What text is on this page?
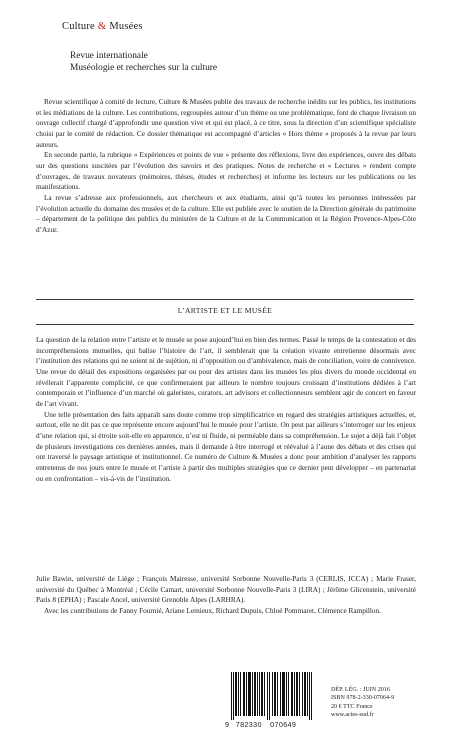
Culture & Musées
Revue internationale
Muséologie et recherches sur la culture

Revue scientifique à comité de lecture, Culture & Musées publie des travaux de recherche inédits sur les publics, les institutions et les médiations de la culture. Les contributions, regroupées autour d’un thème ou une problématique, font de chaque livraison un ouvrage collectif chargé d’approfondir une question vive et qui est placé, à ce titre, sous la direction d’un scientifique spécialiste choisi par le comité de rédaction. Ce dossier thématique est accompagné d’articles « Hors thème » proposés à la revue par leurs auteurs.

En seconde partie, la rubrique « Expériences et points de vue » présente des réflexions, livre des expériences, ouvre des débats sur des questions suscitées par l’évolution des savoirs et des pratiques. Notes de recherche et « Lectures » rendent compte d’ouvrages, de travaux novateurs (mémoires, thèses, études et recherches) et informe les lecteurs sur les publications ou les manifestations.

La revue s’adresse aux professionnels, aux chercheurs et aux étudiants, ainsi qu’à toutes les personnes intéressées par l’évolution actuelle du domaine des musées et de la culture. Elle est publiée avec le soutien de la Direction générale du patrimoine – département de la politique des publics du ministère de la Culture et de la Communication et la Région Provence-Alpes-Côte d’Azur.

L’ARTISTE ET LE MUSÉE

La question de la relation entre l’artiste et le musée se pose aujourd’hui en bien des termes. Passé le temps de la contestation et des incompréhensions mutuelles, qui balise l’histoire de l’art, il semblerait que la création vivante entretienne désormais avec l’institution des relations qui ne soient ni de sujétion, ni d’opposition ou d’ambivalence, mais de conciliation, voire de connivence. Une revue de détail des expositions organisées par ou pour des artistes dans les musées les plus divers du monde occidental en révélerait l’apparente complicité, ce que confirmeraient par ailleurs le nombre toujours croissant d’institutions dédiées à l’art contemporain et l’influence d’un marché où galeristes, curators, art advisors et collectionneurs semblent agir de concert en faveur de l’art vivant.

Une telle présentation des faits apparaît sans doute comme trop simplificatrice en regard des stratégies artistiques actuelles, et, surtout, elle ne dit pas ce que représente encore aujourd’hui le musée pour l’artiste. On peut par ailleurs s’interroger sur les enjeux d’une relation qui, si étroite soit-elle en apparence, n’est ni fluide, ni perméable dans sa compréhension. Le sujet a déjà fait l’objet de plusieurs investigations ces dernières années, mais il demande à être interrogé et réévalué à l’aune des débats et des crises qui ont traversé le paysage artistique et institutionnel. Ce numéro de Culture & Musées a donc pour ambition d’analyser les rapports entretenus de nos jours entre le musée et l’artiste à partir des multiples stratégies que ce dernier peut développer – en partenariat ou en confrontation – vis-à-vis de l’institution.

Julie Bawin, université de Liège ; François Mairesse, université Sorbonne Nouvelle-Paris 3 (CERLIS, ICCA) ; Marie Fraser, université du Québec à Montréal ; Cécile Camart, université Sorbonne Nouvelle-Paris 3 (LIRA) ; Jérôme Glicenstein, université Paris 8 (EPHA) ; Pascale Ancel, université Grenoble Alpes (LARHRA).

Avec les contributions de Fanny Fournié, Ariane Lemieux, Richard Dupuis, Chloé Pommaret, Clémence Rampillon.

9 782330 070649
DÉP. LÉG. : JUIN 2016
ISBN 978-2-330-07064-9
20 € TTC France
www.actes-sud.fr
